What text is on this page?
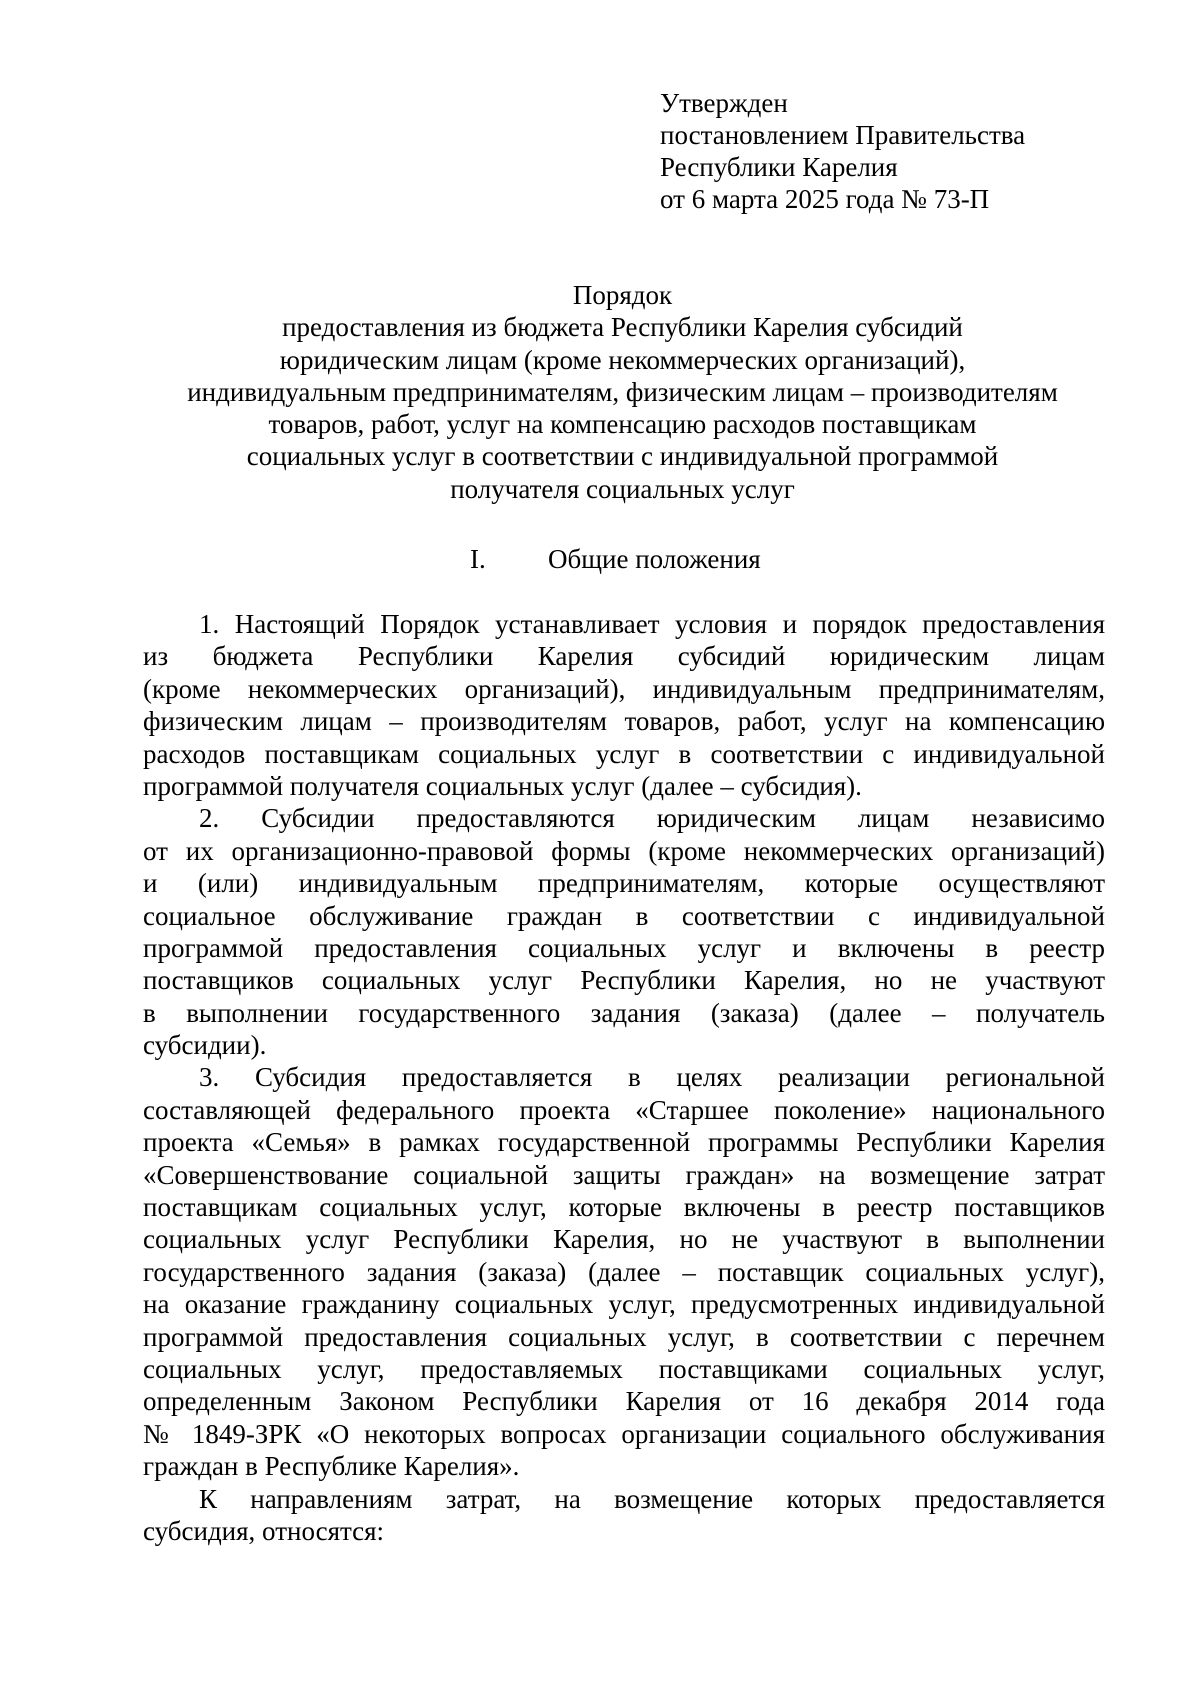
Утвержден
постановлением Правительства
Республики Карелия
от 6 марта 2025 года № 73-П
Порядок
предоставления из бюджета Республики Карелия субсидий
юридическим лицам (кроме некоммерческих организаций),
индивидуальным предпринимателям, физическим лицам – производителям
товаров, работ, услуг на компенсацию расходов поставщикам
социальных услуг в соответствии с индивидуальной программой
получателя социальных услуг
I. Общие положения
1. Настоящий Порядок устанавливает условия и порядок предоставления
из бюджета Республики Карелия субсидий юридическим лицам
(кроме некоммерческих организаций), индивидуальным предпринимателям,
физическим лицам – производителям товаров, работ, услуг на компенсацию
расходов поставщикам социальных услуг в соответствии с индивидуальной
программой получателя социальных услуг (далее – субсидия).
2. Субсидии предоставляются юридическим лицам независимо
от их организационно-правовой формы (кроме некоммерческих организаций)
и (или) индивидуальным предпринимателям, которые осуществляют
социальное обслуживание граждан в соответствии с индивидуальной
программой предоставления социальных услуг и включены в реестр
поставщиков социальных услуг Республики Карелия, но не участвуют
в выполнении государственного задания (заказа) (далее – получатель
субсидии).
3. Субсидия предоставляется в целях реализации региональной
составляющей федерального проекта «Старшее поколение» национального
проекта «Семья» в рамках государственной программы Республики Карелия
«Совершенствование социальной защиты граждан» на возмещение затрат
поставщикам социальных услуг, которые включены в реестр поставщиков
социальных услуг Республики Карелия, но не участвуют в выполнении
государственного задания (заказа) (далее – поставщик социальных услуг),
на оказание гражданину социальных услуг, предусмотренных индивидуальной
программой предоставления социальных услуг, в соответствии с перечнем
социальных услуг, предоставляемых поставщиками социальных услуг,
определенным Законом Республики Карелия от 16 декабря 2014 года
№ 1849-ЗРК «О некоторых вопросах организации социального обслуживания
граждан в Республике Карелия».
К направлениям затрат, на возмещение которых предоставляется
субсидия, относятся:
